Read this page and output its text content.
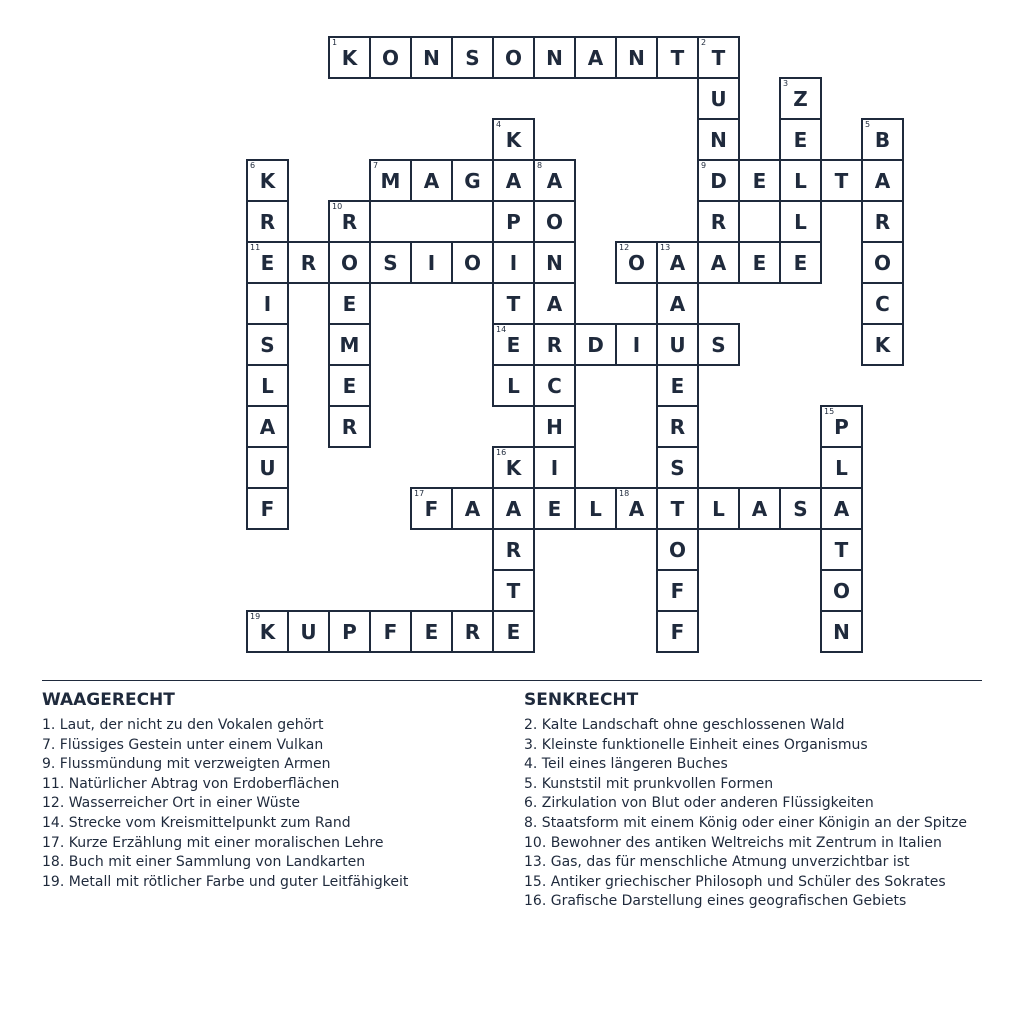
K
1
O N S O N A N T T
2
U
N
D
9
R
A
Z
3
E
L
L
E
K
4
A
P
I
T
E
14
L
B
5
A
R
O
C
K
K
6
R
E
11
I
S
L
A
U
F
M
7
A G	A
8
O
N
A
R
C
H
I
E
E	T
R
10
O
E
M
E
R
R	S I O	O
12
A
13
E
A
U
E
R
S
T
O
F
F
D I	S
P
15
L
A
T
O
N
K
16
A
R
T
E
F
17
A	L A
18
L A S
K
19
U P F E R
WAAGERECHT
1. Laut, der nicht zu den Vokalen gehört
7. Flüssiges Gestein unter einem Vulkan
9. Flussmündung mit verzweigten Armen
11. Natürlicher Abtrag von Erdoberflächen
12. Wasserreicher Ort in einer Wüste
14. Strecke vom Kreismittelpunkt zum Rand
17. Kurze Erzählung mit einer moralischen Lehre
18. Buch mit einer Sammlung von Landkarten
19. Metall mit rötlicher Farbe und guter Leitfähigkeit
SENKRECHT
2. Kalte Landschaft ohne geschlossenen Wald
3. Kleinste funktionelle Einheit eines Organismus
4. Teil eines längeren Buches
5. Kunststil mit prunkvollen Formen
6. Zirkulation von Blut oder anderen Flüssigkeiten
8. Staatsform mit einem König oder einer Königin an der Spitze
10. Bewohner des antiken Weltreichs mit Zentrum in Italien
13. Gas, das für menschliche Atmung unverzichtbar ist
15. Antiker griechischer Philosoph und Schüler des Sokrates
16. Grafische Darstellung eines geografischen Gebiets
